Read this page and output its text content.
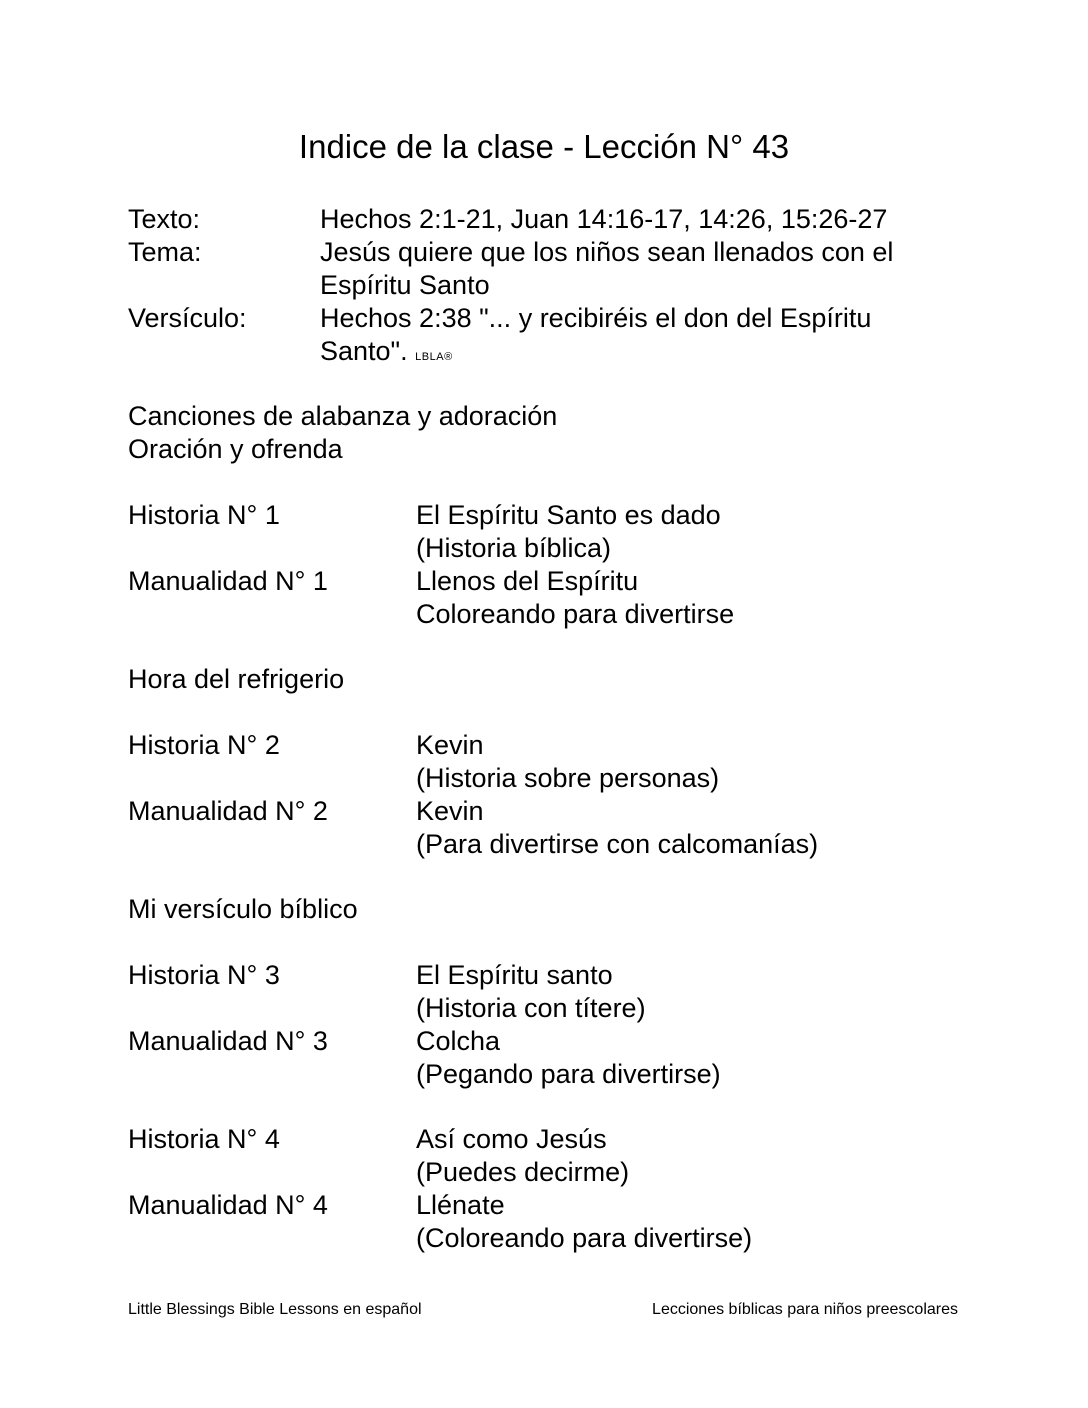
Indice de la clase - Lección N° 43
Texto:	Hechos 2:1-21, Juan 14:16-17, 14:26, 15:26-27
Tema:	Jesús quiere que los niños sean llenados con el Espíritu Santo
Versículo:	Hechos 2:38 "... y recibiréis el don del Espíritu Santo". LBLA®
Canciones de alabanza y adoración
Oración y ofrenda
Historia N° 1	El Espíritu Santo es dado
(Historia bíblica)
Manualidad N° 1	Llenos del Espíritu
Coloreando para divertirse
Hora del refrigerio
Historia N° 2	Kevin
(Historia sobre personas)
Manualidad N° 2	Kevin
(Para divertirse con calcomanías)
Mi versículo bíblico
Historia N° 3	El Espíritu santo
(Historia con títere)
Manualidad N° 3	Colcha
(Pegando para divertirse)
Historia N° 4	Así como Jesús
(Puedes decirme)
Manualidad N° 4	Llénate
(Coloreando para divertirse)
Little Blessings Bible Lessons en español	Lecciones bíblicas para niños preescolares
